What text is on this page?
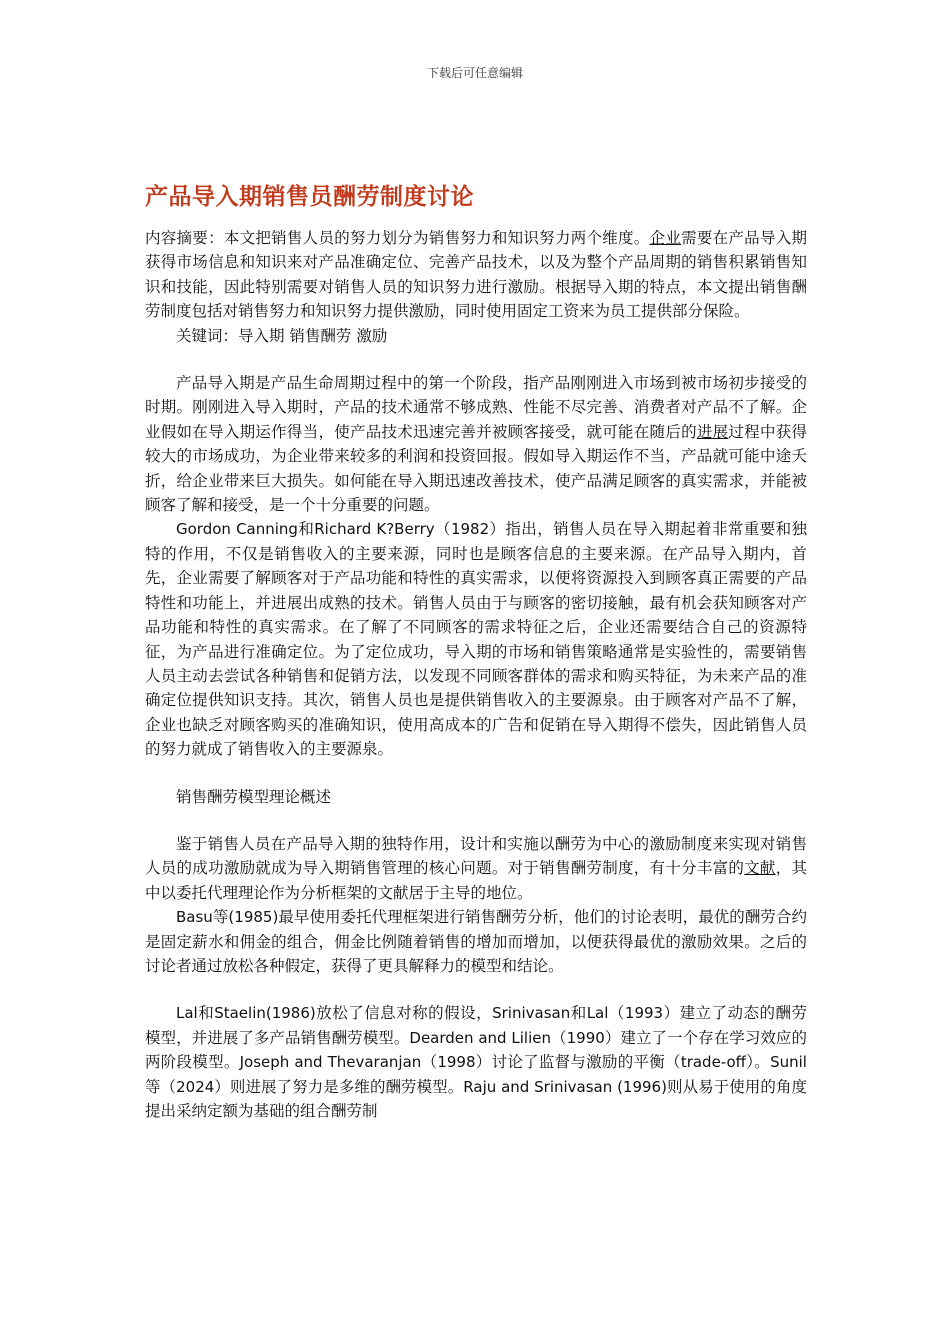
下载后可任意编辑
产品导入期销售员酬劳制度讨论

内容摘要：本文把销售人员的努力划分为销售努力和知识努力两个维度。企业需要在产品导入期获得市场信息和知识来对产品准确定位、完善产品技术，以及为整个产品周期的销售积累销售知识和技能，因此特别需要对销售人员的知识努力进行激励。根据导入期的特点，本文提出销售酬劳制度包括对销售努力和知识努力提供激励，同时使用固定工资来为员工提供部分保险。

关键词：导入期 销售酬劳 激励

产品导入期是产品生命周期过程中的第一个阶段，指产品刚刚进入市场到被市场初步接受的时期。刚刚进入导入期时，产品的技术通常不够成熟、性能不尽完善、消费者对产品不了解。企业假如在导入期运作得当，使产品技术迅速完善并被顾客接受，就可能在随后的进展过程中获得较大的市场成功，为企业带来较多的利润和投资回报。假如导入期运作不当，产品就可能中途夭折，给企业带来巨大损失。如何能在导入期迅速改善技术，使产品满足顾客的真实需求，并能被顾客了解和接受，是一个十分重要的问题。

Gordon Canning和Richard K?Berry（1982）指出，销售人员在导入期起着非常重要和独特的作用，不仅是销售收入的主要来源，同时也是顾客信息的主要来源。在产品导入期内，首先，企业需要了解顾客对于产品功能和特性的真实需求，以便将资源投入到顾客真正需要的产品特性和功能上，并进展出成熟的技术。销售人员由于与顾客的密切接触，最有机会获知顾客对产品功能和特性的真实需求。在了解了不同顾客的需求特征之后，企业还需要结合自己的资源特征，为产品进行准确定位。为了定位成功，导入期的市场和销售策略通常是实验性的，需要销售人员主动去尝试各种销售和促销方法，以发现不同顾客群体的需求和购买特征，为未来产品的准确定位提供知识支持。其次，销售人员也是提供销售收入的主要源泉。由于顾客对产品不了解，企业也缺乏对顾客购买的准确知识，使用高成本的广告和促销在导入期得不偿失，因此销售人员的努力就成了销售收入的主要源泉。

销售酬劳模型理论概述

鉴于销售人员在产品导入期的独特作用，设计和实施以酬劳为中心的激励制度来实现对销售人员的成功激励就成为导入期销售管理的核心问题。对于销售酬劳制度，有十分丰富的文献，其中以委托代理理论作为分析框架的文献居于主导的地位。

Basu等(1985)最早使用委托代理框架进行销售酬劳分析，他们的讨论表明，最优的酬劳合约是固定薪水和佣金的组合，佣金比例随着销售的增加而增加，以便获得最优的激励效果。之后的讨论者通过放松各种假定，获得了更具解释力的模型和结论。

Lal和Staelin(1986)放松了信息对称的假设，Srinivasan和Lal（1993）建立了动态的酬劳模型，并进展了多产品销售酬劳模型。Dearden and Lilien（1990）建立了一个存在学习效应的两阶段模型。Joseph and Thevaranjan（1998）讨论了监督与激励的平衡（trade-off）。Sunil等（2024）则进展了努力是多维的酬劳模型。Raju and Srinivasan (1996)则从易于使用的角度提出采纳定额为基础的组合酬劳制
